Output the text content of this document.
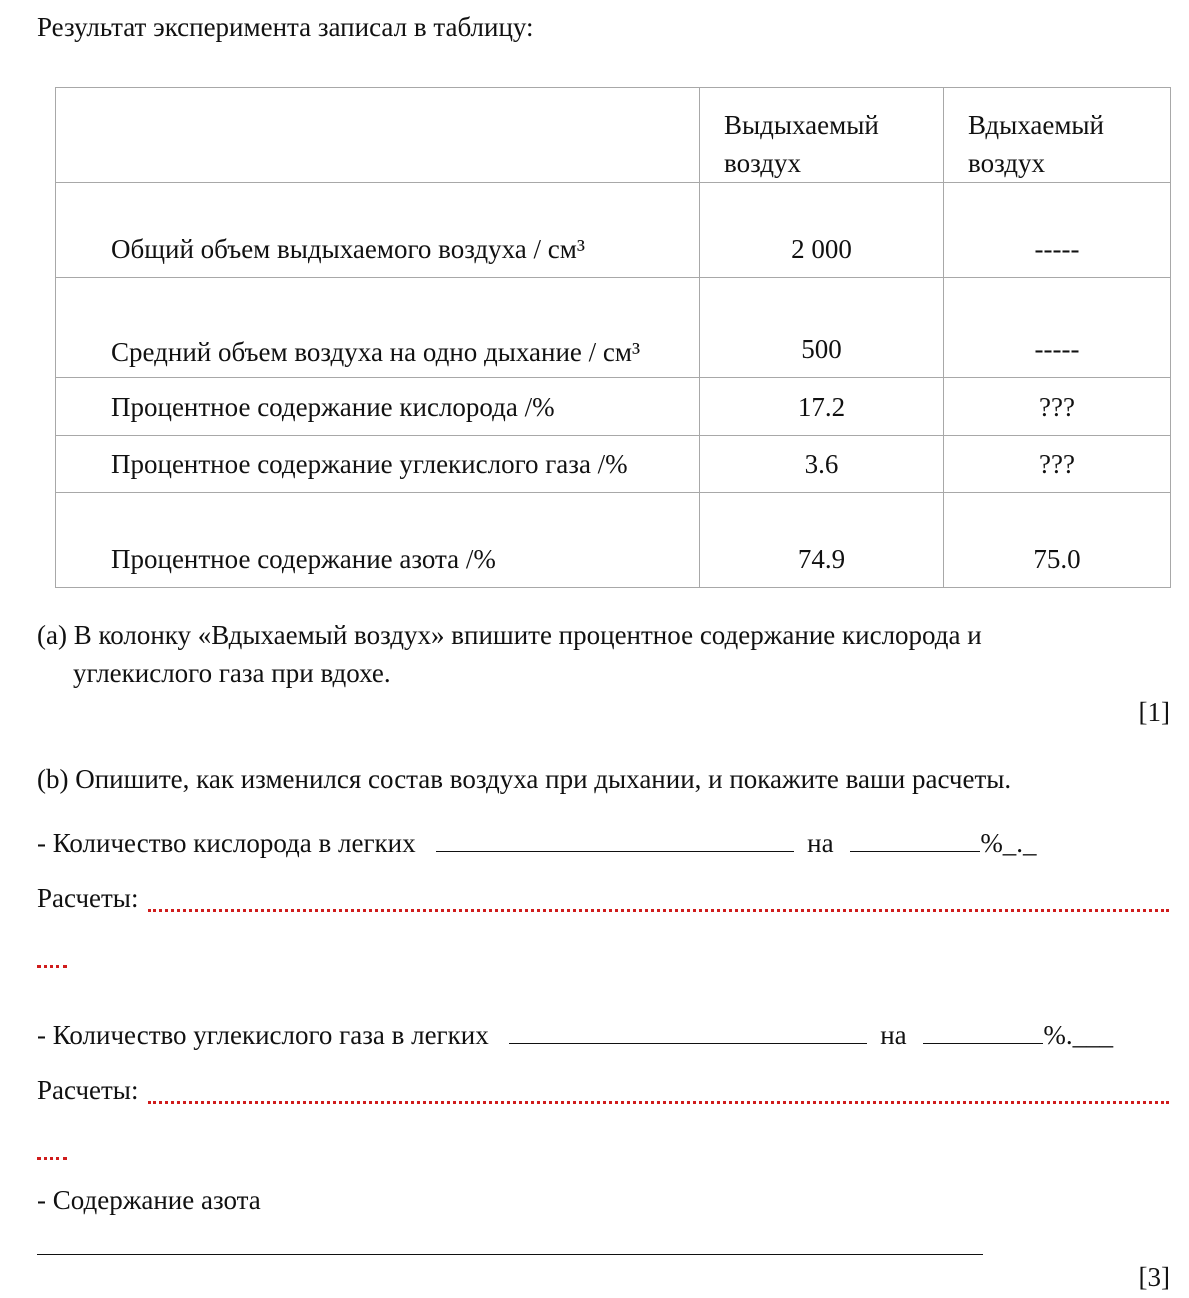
Результат эксперимента записал в таблицу:

	Выдыхаемый воздух	Вдыхаемый воздух

Общий объем выдыхаемого воздуха / см³	2 000	-----

Средний объем воздуха на одно дыхание / см³	500	-----
Процентное содержание кислорода /%	17.2	???
Процентное содержание углекислого газа /%	3.6	???
Процентное содержание азота /%	74.9	75.0
(a) В колонку «Вдыхаемый воздух» впишите процентное содержание кислорода и
углекислого газа при вдохе.
[1]
(b) Опишите, как изменился состав воздуха при дыхании, и покажите ваши расчеты.
- Количество кислорода в легких	на	%_._
Расчеты:
- Количество углекислого газа в легких	на	%.___
Расчеты:
- Содержание азота
[3]
